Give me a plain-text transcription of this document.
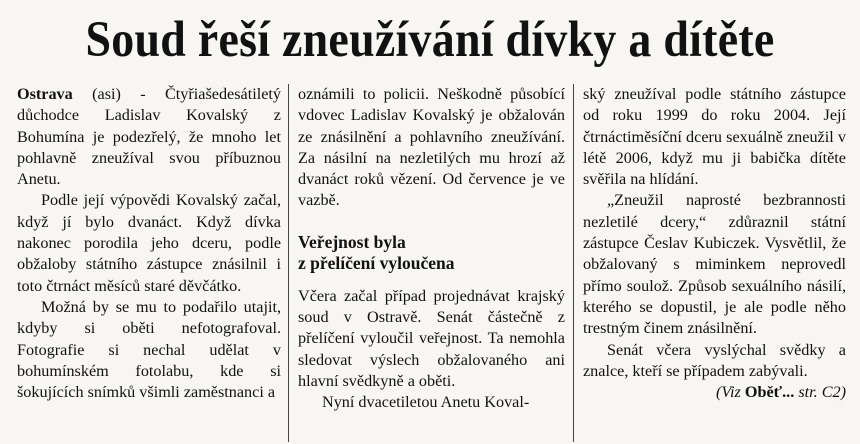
Soud řeší zneužívání dívky a dítěte

Ostrava (asi) - Čtyřiašedesátiletý důchodce Ladislav Kovalský z Bohumína je podezřelý, že mnoho let pohlavně zneužíval svou příbuznou Anetu.

Podle její výpovědi Kovalský začal, když jí bylo dvanáct. Když dívka nakonec porodila jeho dceru, podle obžaloby státního zástupce znásilnil i toto čtrnáct měsíců staré děvčátko.

Možná by se mu to podařilo utajit, kdyby si oběti nefotografoval. Fotografie si nechal udělat v bohumínském fotolabu, kde si šokujících snímků všimli zaměstnanci a

oznámili to policii. Neškodně působící vdovec Ladislav Kovalský je obžalován ze znásilnění a pohlavního zneužívání. Za násilní na nezletilých mu hrozí až dvanáct roků vězení. Od července je ve vazbě.

Veřejnost byla
z přelíčení vyloučena

Včera začal případ projednávat krajský soud v Ostravě. Senát částečně z přelíčení vyloučil veřejnost. Ta nemohla sledovat výslech obžalovaného ani hlavní svědkyně a oběti.

Nyní dvacetiletou Anetu Koval-

ský zneužíval podle státního zástupce od roku 1999 do roku 2004. Její čtrnáctiměsíční dceru sexuálně zneužil v létě 2006, když mu ji babička dítěte svěřila na hlídání.

„Zneužil naprosté bezbrannosti nezletilé dcery,“ zdůraznil státní zástupce Česlav Kubiczek. Vysvětlil, že obžalovaný s miminkem neprovedl přímo soulož. Způsob sexuálního násilí, kterého se dopustil, je ale podle něho trestným činem znásilnění.

Senát včera vyslýchal svědky a znalce, kteří se případem zabývali.

(Viz Oběť... str. C2)
